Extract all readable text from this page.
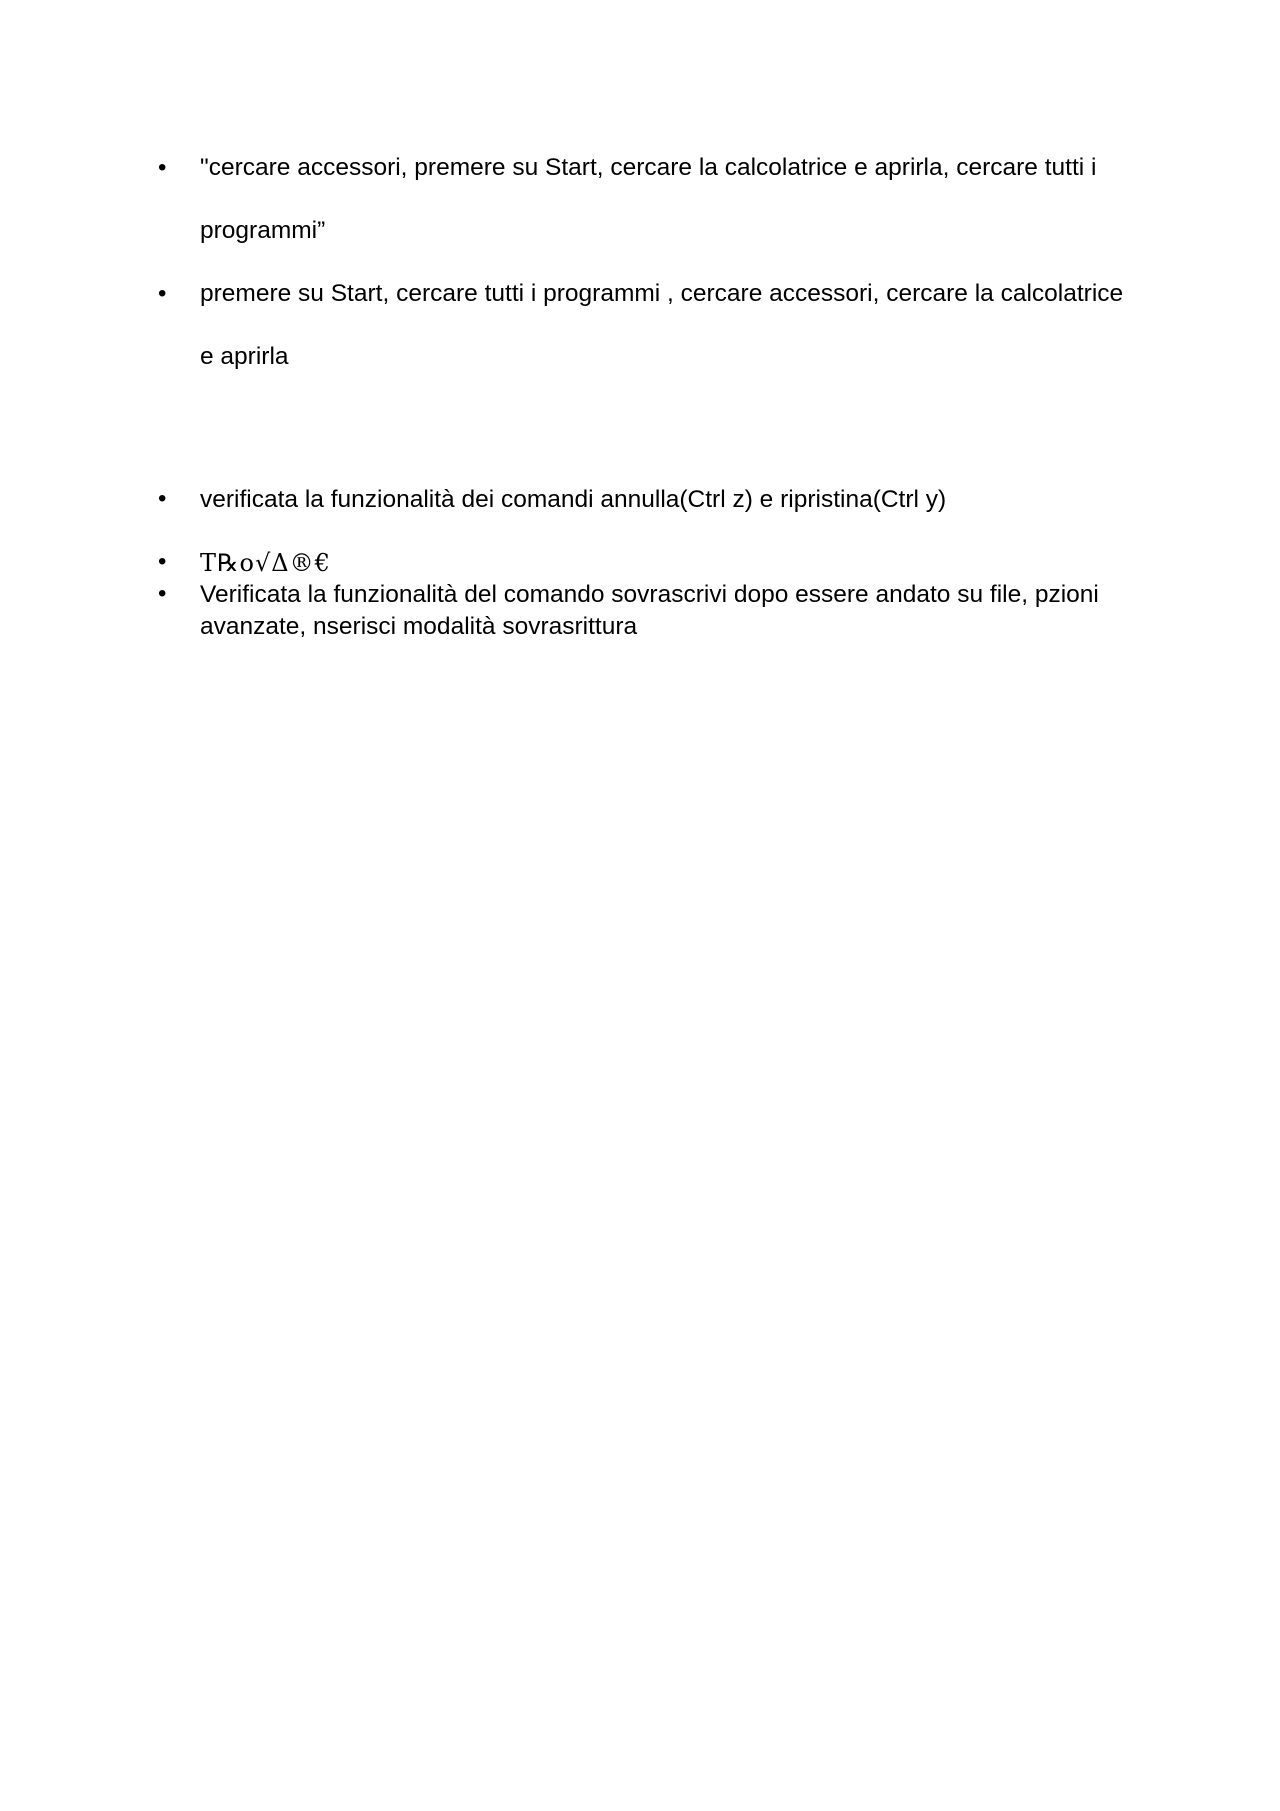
• "cercare accessori, premere su Start, cercare la calcolatrice e aprirla, cercare tutti i programmi”
• premere su Start, cercare tutti i programmi , cercare accessori, cercare la calcolatrice e aprirla
• verificata la funzionalità dei comandi annulla(Ctrl z) e ripristina(Ctrl y)
• T℞o√Δ®€
• Verificata la funzionalità del comando sovrascrivi dopo essere andato su file, pzioni avanzate, nserisci modalità sovrasrittura
